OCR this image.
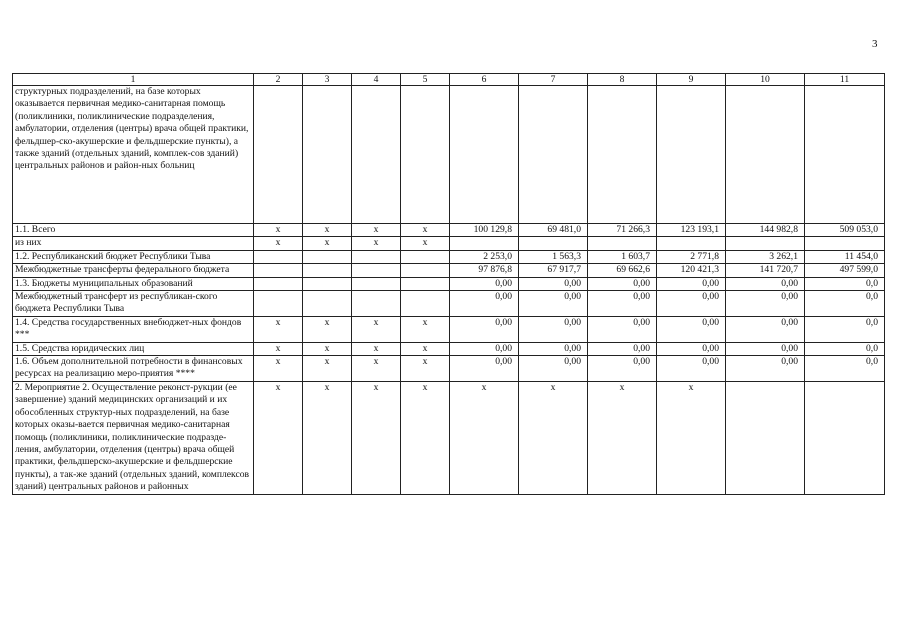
3
1	2	3	4	5	6	7	8	9	10	11
структурных подразделений, на базе которых оказывается первичная медико-санитарная помощь (поликлиники, поликлинические подразделения, амбулатории, отделения (центры) врача общей практики, фельдшер-ско-акушерские и фельдшерские пункты), а также зданий (отдельных зданий, комплек-сов зданий) центральных районов и район-ных больниц										
1.1. Всего	х	х	х	х	100 129,8	69 481,0	71 266,3	123 193,1	144 982,8	509 053,0
из них	х	х	х	х						
1.2. Республиканский бюджет Республики Тыва					2 253,0	1 563,3	1 603,7	2 771,8	3 262,1	11 454,0
Межбюджетные трансферты федерального бюджета					97 876,8	67 917,7	69 662,6	120 421,3	141 720,7	497 599,0
1.3. Бюджеты муниципальных образований					0,00	0,00	0,00	0,00	0,00	0,0
Межбюджетный трансферт из республикан-ского бюджета Республики Тыва					0,00	0,00	0,00	0,00	0,00	0,0
1.4. Средства государственных внебюджет-ных фондов ***	х	х	х	х	0,00	0,00	0,00	0,00	0,00	0,0
1.5. Средства юридических лиц	х	х	х	х	0,00	0,00	0,00	0,00	0,00	0,0
1.6. Объем дополнительной потребности в финансовых ресурсах на реализацию меро-приятия ****	х	х	х	х	0,00	0,00	0,00	0,00	0,00	0,0
2. Мероприятие 2. Осуществление реконст-рукции (ее завершение) зданий медицинских организаций и их обособленных структур-ных подразделений, на базе которых оказы-вается первичная медико-санитарная помощь (поликлиники, поликлинические подразде-ления, амбулатории, отделения (центры) врача общей практики, фельдшерско-акушерские и фельдшерские пункты), а так-же зданий (отдельных зданий, комплексов зданий) центральных районов и районных	х	х	х	х	х	х	х	х		
